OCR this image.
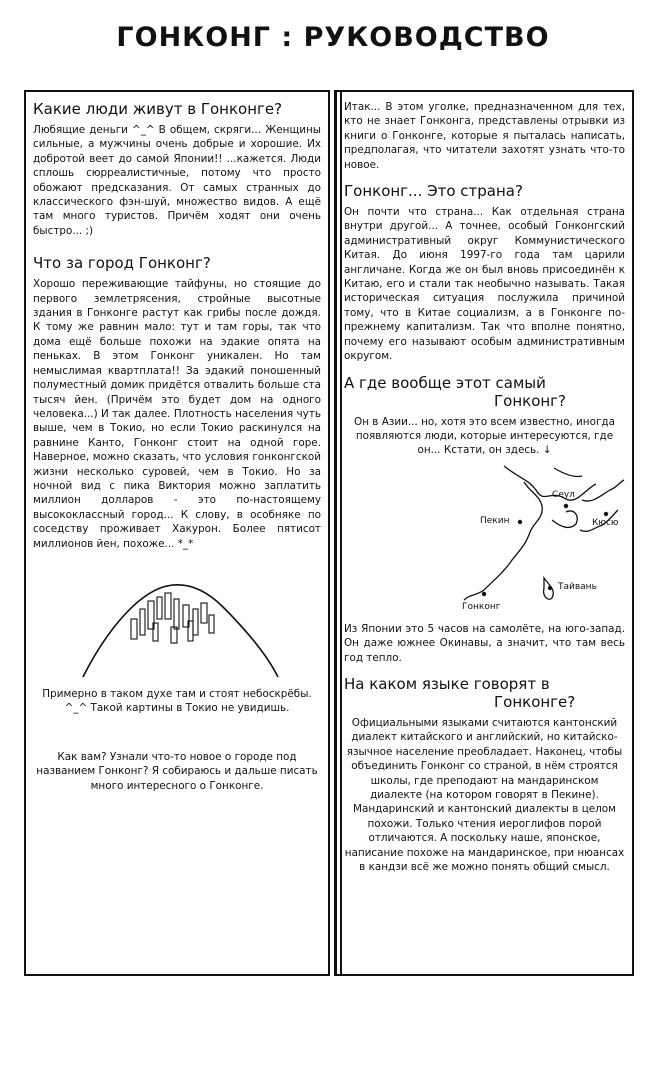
ГОНКОНГ : РУКОВОДСТВО
Какие люди живут в Гонконге?

Любящие деньги ^_^ В общем, скряги... Женщины сильные, а мужчины очень добрые и хорошие. Их добротой веет до самой Японии!! ...кажется. Люди сплошь сюрреалистичные, потому что просто обожают предсказания. От самых странных до классического фэн-шуй, множество видов. А ещё там много туристов. Причём ходят они очень быстро... ;)

Что за город Гонконг?

Хорошо переживающие тайфуны, но стоящие до первого землетрясения, стройные высотные здания в Гонконге растут как грибы после дождя. К тому же равнин мало: тут и там горы, так что дома ещё больше похожи на эдакие опята на пеньках. В этом Гонконг уникален. Но там немыслимая квартплата!! За эдакий поношенный полуместный домик придётся отвалить больше ста тысяч йен. (Причём это будет дом на одного человека...) И так далее. Плотность населения чуть выше, чем в Токио, но если Токио раскинулся на равнине Канто, Гонконг стоит на одной горе. Наверное, можно сказать, что условия гонконгской жизни несколько суровей, чем в Токио. Но за ночной вид с пика Виктория можно заплатить миллион долларов - это по-настоящему высококлассный город... К слову, в особняке по соседству проживает Хакурон. Более пятисот миллионов йен, похоже... *_*

Примерно в таком духе там и стоят небоскрёбы. ^_^ Такой картины в Токио не увидишь.

Как вам? Узнали что-то новое о городе под названием Гонконг? Я собираюсь и дальше писать много интересного о Гонконге.

Итак... В этом уголке, предназначенном для тех, кто не знает Гонконга, представлены отрывки из книги о Гонконге, которые я пыталась написать, предполагая, что читатели захотят узнать что-то новое.

Гонконг... Это страна?

Он почти что страна... Как отдельная страна внутри другой... А точнее, особый Гонконгский административный округ Коммунистического Китая. До июня 1997-го года там царили англичане. Когда же он был вновь присоединён к Китаю, его и стали так необычно называть. Такая историческая ситуация послужила причиной тому, что в Китае социализм, а в Гонконге по-прежнему капитализм. Так что вполне понятно, почему его называют особым административным округом.

А где вообще этот самый
Гонконг?

Он в Азии... но, хотя это всем известно, иногда появляются люди, которые интересуются, где он... Кстати, он здесь. ↓

Пекин
Сеул
Кюсю
Тайвань
Гонконг

Из Японии это 5 часов на самолёте, на юго-запад. Он даже южнее Окинавы, а значит, что там весь год тепло.

На каком языке говорят в
Гонконге?

Официальными языками считаются кантонский диалект китайского и английский, но китайско-язычное население преобладает. Наконец, чтобы объединить Гонконг со страной, в нём строятся школы, где преподают на мандаринском диалекте (на котором говорят в Пекине). Мандаринский и кантонский диалекты в целом похожи. Только чтения иероглифов порой отличаются. А поскольку наше, японское, написание похоже на мандаринское, при нюансах в кандзи всё же можно понять общий смысл.
